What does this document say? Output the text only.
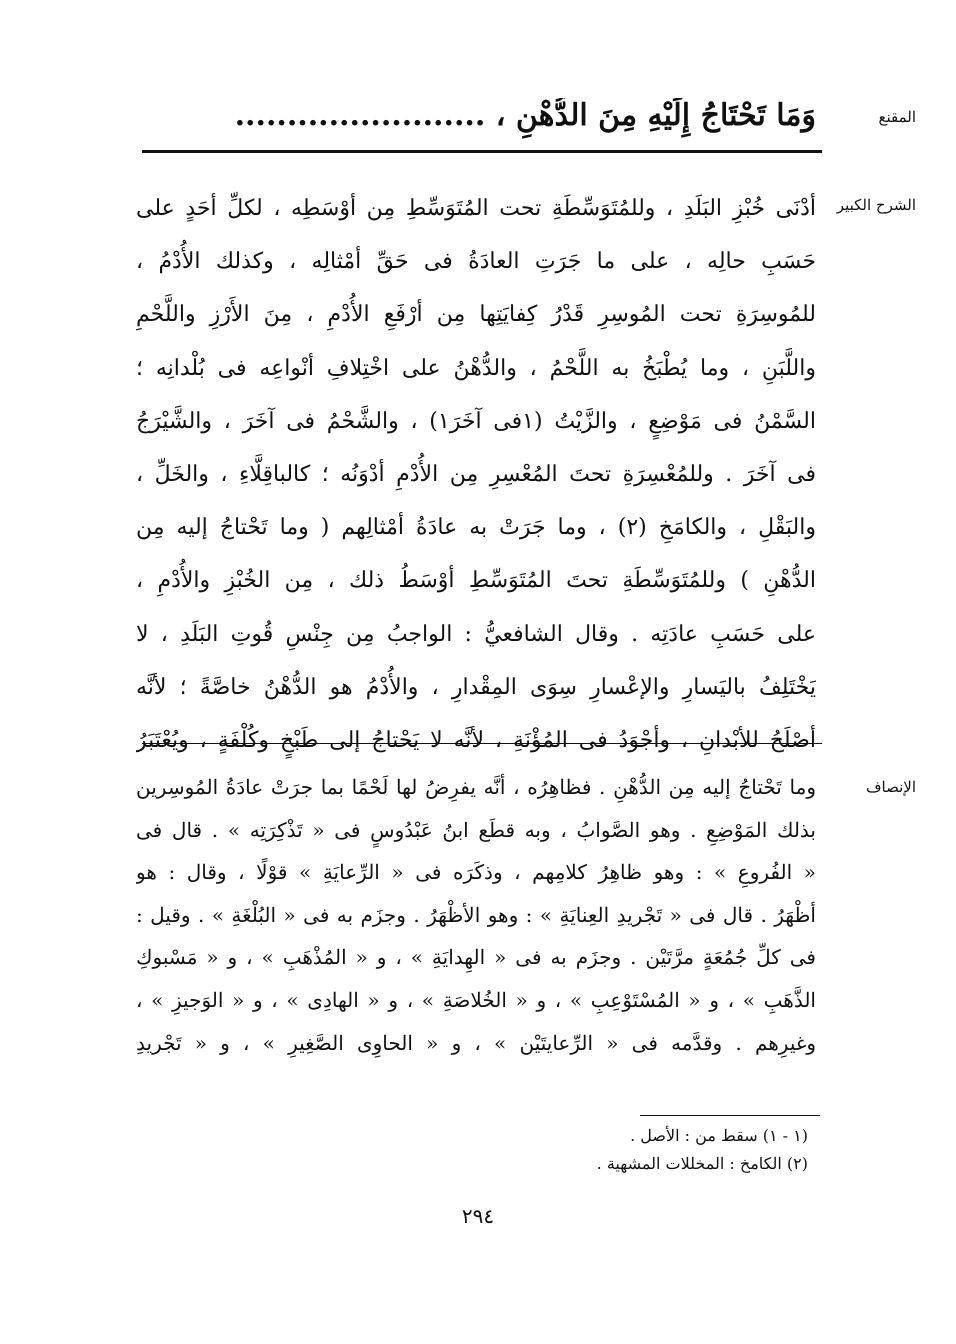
المقنع
وَمَا تَحْتَاجُ إِلَيْهِ مِنَ الدُّهْنِ ، ........................
الشرح الكبير
أدْنَى خُبْزِ البَلَدِ ، وللمُتَوَسِّطَةِ تحت المُتَوَسِّطِ مِن أوْسَطِه ، لكلِّ أحَدٍ على
حَسَبِ حالِه ، على ما جَرَتِ العادَةُ فى حَقِّ أمْثالِه ، وكذلك الأُدْمُ ،
للمُوسِرَةِ تحت المُوسِرِ قَدْرُ كِفايَتِها مِن أرْفَعِ الأُدْمِ ، مِنَ الأَرْزِ واللَّحْمِ
واللَّبَنِ ، وما يُطْبَخُ به اللَّحْمُ ، والدُّهْنُ على اخْتِلافِ أنْواعِه فى بُلْدانِه ؛
السَّمْنُ فى مَوْضِعٍ ، والزَّيْتُ (١فى آخَرَ١) ، والشَّحْمُ فى آخَرَ ، والشَّيْرَجُ
فى آخَرَ . وللمُعْسِرَةِ تحتَ المُعْسِرِ مِن الأُدْمِ أدْوَنُه ؛ كالباقِلَّاءِ ، والخَلِّ ،
والبَقْلِ ، والكامَخِ (٢) ، وما جَرَتْ به عادَةُ أمْثالِهم ( وما تَحْتاجُ إليه مِن
الدُّهْنِ ) وللمُتَوَسِّطَةِ تحتَ المُتَوَسِّطِ أوْسَطُ ذلك ، مِن الخُبْزِ والأُدْمِ ،
على حَسَبِ عادَتِه . وقال الشافعيُّ : الواجبُ مِن جِنْسِ قُوتِ البَلَدِ ، لا
يَخْتَلِفُ باليَسارِ والإعْسارِ سِوَى المِقْدارِ ، والأُدْمُ هو الدُّهْنُ خاصَّةً ؛ لأنَّه
أصْلَحُ للأبْدانِ ، وأجْوَدُ فى المُؤْنَةِ ، لأنَّه لا يَحْتاجُ إلى طَبْخٍ وكُلْفَةٍ ، ويُعْتَبَرُ
الإنصاف
وما تَحْتاجُ إليه مِن الدُّهْنِ . فظاهِرُه ، أنَّه يفرِضُ لها لَحْمًا بما جرَتْ عادَةُ المُوسِرين
بذلك المَوْضِعِ . وهو الصَّوابُ ، وبه قطَع ابنُ عَبْدُوسٍ فى « تَذْكِرَتِه » . قال فى
« الفُروعِ » : وهو ظاهِرُ كلامِهم ، وذكَرَه فى « الرِّعايَةِ » قوْلًا ، وقال : هو
أظْهَرُ . قال فى « تَجْريدِ العِنايَةِ » : وهو الأظْهَرُ . وجزَم به فى « البُلْغَةِ » . وقيل :
فى كلِّ جُمُعَةٍ مرَّتَيْن . وجزَم به فى « الهِدايَةِ » ، و « المُذْهَبِ » ، و « مَسْبوكِ
الذَّهَبِ » ، و « المُسْتَوْعِبِ » ، و « الخُلاصَةِ » ، و « الهادِى » ، و « الوَجيزِ » ،
وغيرِهم . وقدَّمه فى « الرِّعايتَيْن » ، و « الحاوِى الصَّغِيرِ » ، و « تَجْريدِ
(١ - ١) سقط من : الأصل .
(٢) الكامخ : المخللات المشهية .
٢٩٤
